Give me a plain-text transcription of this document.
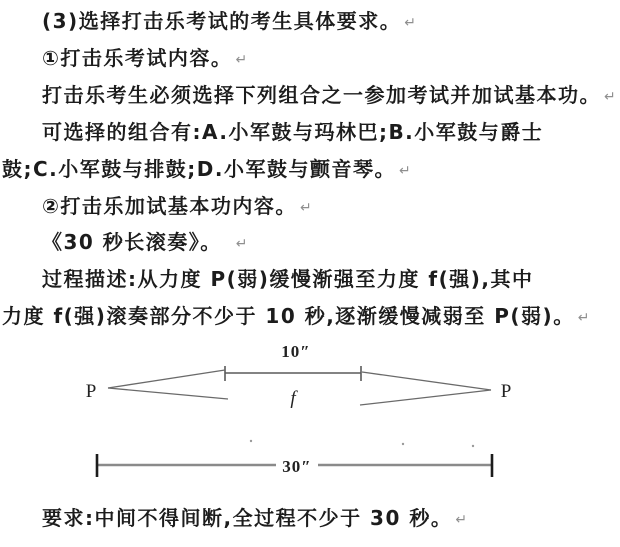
(3)选择打击乐考试的考生具体要求。 ↵
①打击乐考试内容。 ↵
打击乐考生必须选择下列组合之一参加考试并加试基本功。 ↵
可选择的组合有:A.小军鼓与玛林巴;B.小军鼓与爵士
鼓;C.小军鼓与排鼓;D.小军鼓与颤音琴。 ↵
②打击乐加试基本功内容。 ↵
《30 秒长滚奏》。 ↵
过程描述:从力度 P(弱)缓慢渐强至力度 f(强),其中
力度 f(强)滚奏部分不少于 10 秒,逐渐缓慢减弱至 P(弱)。 ↵
10″
P	f	P
30″
要求:中间不得间断,全过程不少于 30 秒。 ↵
